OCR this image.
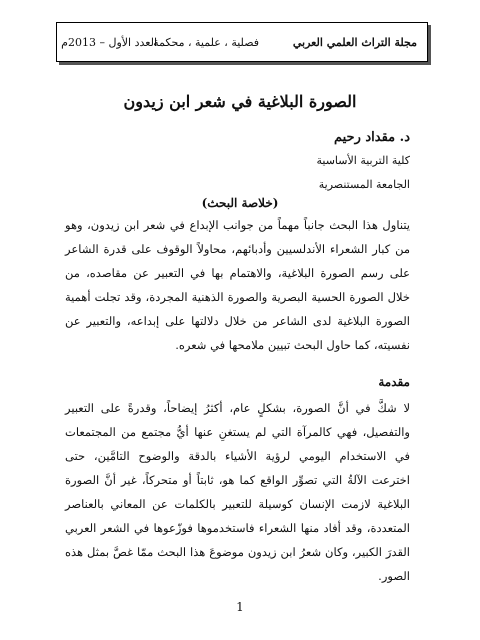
مجلة التراث العلمي العربي
فصلية ، علمية ، محكمة
العدد الأول – 2013م
الصورة البلاغية في شعر ابن زيدون
د. مقداد رحيم
كلية التربية الأساسية
الجامعة المستنصرية
(خلاصة البحث)
يتناول هذا البحث جانباً مهماً من جوانب الإبداع في شعر ابن زيدون، وهو من كبار الشعراء الأندلسيين وأدبائهم، محاولاً الوقوف على قدرة الشاعر على رسم الصورة البلاغية، والاهتمام بها في التعبير عن مقاصده، من خلال الصورة الحسية البصرية والصورة الذهنية المجردة، وقد تجلت أهمية الصورة البلاغية لدى الشاعر من خلال دلالتها على إبداعه، والتعبير عن نفسيته، كما حاول البحث تبيين ملامحها في شعره.
مقدمة
لا شكَّ في أنَّ الصورة، بشكلٍ عام، أكثرُ إيضاحاً، وقدرةً على التعبير والتفصيل، فهي كالمرآة التي لم يستغنِ عنها أيُّ مجتمع من المجتمعات في الاستخدام اليومي لرؤية الأشياء بالدقة والوضوح التامَّين، حتى اخترعت الآلةُ التي تصوِّر الواقع كما هو، ثابتاً أو متحركاً، غير أنَّ الصورة البلاغية لازمت الإنسان كوسيلة للتعبير بالكلمات عن المعاني بالعناصر المتعددة، وقد أفاد منها الشعراء فاستخدموها فوزّعوها في الشعر العربي القدرَ الكبير، وكان شعرُ ابن زيدون موضوعَ هذا البحث ممّا غصَّ بمثل هذه الصور.
1
